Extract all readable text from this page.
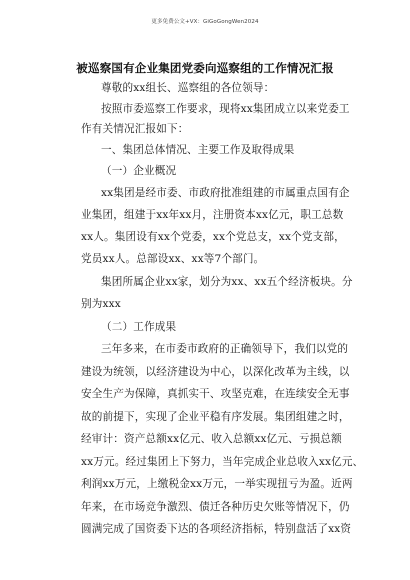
更多免费公文+VX：GiGoGongWen2024
被巡察国有企业集团党委向巡察组的工作情况汇报
尊敬的xx组长、巡察组的各位领导：
按照市委巡察工作要求，现将xx集团成立以来党委工
作有关情况汇报如下：
一、集团总体情况、主要工作及取得成果
（一）企业概况
xx集团是经市委、市政府批准组建的市属重点国有企
业集团，组建于xx年xx月，注册资本xx亿元，职工总数
xx人。集团设有xx个党委，xx个党总支，xx个党支部，
党员xx人。总部设xx、xx等7个部门。
集团所属企业xx家，划分为xx、xx五个经济板块。分
别为xxx
（二）工作成果
三年多来，在市委市政府的正确领导下，我们以党的
建设为统领，以经济建设为中心，以深化改革为主线，以
安全生产为保障，真抓实干、攻坚克难，在连续安全无事
故的前提下，实现了企业平稳有序发展。集团组建之时，
经审计：资产总额xx亿元、收入总额xx亿元、亏损总额
xx万元。经过集团上下努力，当年完成企业总收入xx亿元、
利润xx万元，上缴税金xx万元，一举实现扭亏为盈。近两
年来，在市场竞争激烈、债迁各种历史欠账等情况下，仍
圆满完成了国资委下达的各项经济指标，特别盘活了xx资
